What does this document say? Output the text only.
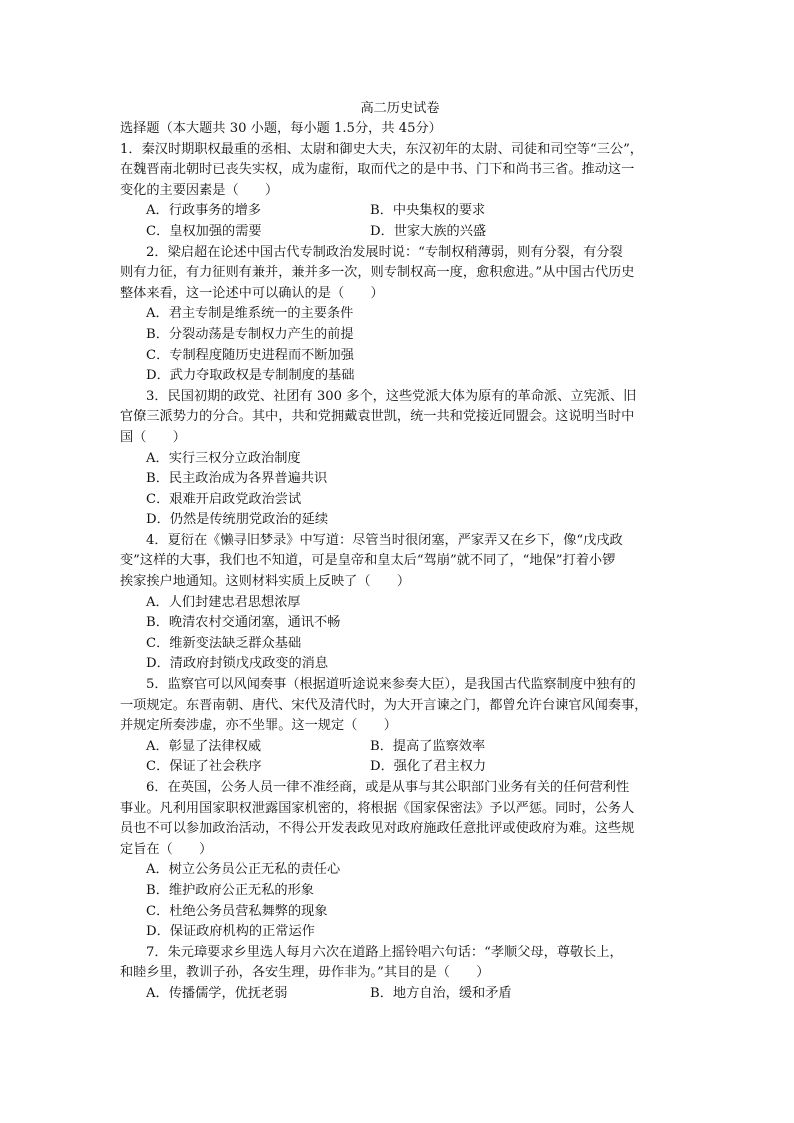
高二历史试卷
选择题（本大题共 30 小题，每小题 1.5分，共 45分）
1．秦汉时期职权最重的丞相、太尉和御史大夫，东汉初年的太尉、司徒和司空等“三公”，
在魏晋南北朝时已丧失实权，成为虚衔，取而代之的是中书、门下和尚书三省。推动这一
变化的主要因素是（　　）
A．行政事务的增多	B．中央集权的要求
C．皇权加强的需要	D．世家大族的兴盛
2．梁启超在论述中国古代专制政治发展时说：“专制权稍薄弱，则有分裂，有分裂
则有力征，有力征则有兼并，兼并多一次，则专制权高一度，愈积愈进。”从中国古代历史
整体来看，这一论述中可以确认的是（　　）
A．君主专制是维系统一的主要条件
B．分裂动荡是专制权力产生的前提
C．专制程度随历史进程而不断加强
D．武力夺取政权是专制制度的基础
3．民国初期的政党、社团有 300 多个，这些党派大体为原有的革命派、立宪派、旧
官僚三派势力的分合。其中，共和党拥戴袁世凯，统一共和党接近同盟会。这说明当时中
国（　　）
A．实行三权分立政治制度
B．民主政治成为各界普遍共识
C．艰难开启政党政治尝试
D．仍然是传统朋党政治的延续
4．夏衍在《懒寻旧梦录》中写道：尽管当时很闭塞，严家弄又在乡下，像“戊戌政
变”这样的大事，我们也不知道，可是皇帝和皇太后“驾崩”就不同了，“地保”打着小锣
挨家挨户地通知。这则材料实质上反映了（　　）
A．人们封建忠君思想浓厚
B．晚清农村交通闭塞，通讯不畅
C．维新变法缺乏群众基础
D．清政府封锁戊戌政变的消息
5．监察官可以风闻奏事（根据道听途说来参奏大臣），是我国古代监察制度中独有的
一项规定。东晋南朝、唐代、宋代及清代时，为大开言谏之门，都曾允许台谏官风闻奏事，
并规定所奏涉虚，亦不坐罪。这一规定（　　）
A．彰显了法律权威	B．提高了监察效率
C．保证了社会秩序	D．强化了君主权力
6．在英国，公务人员一律不准经商，或是从事与其公职部门业务有关的任何营利性
事业。凡利用国家职权泄露国家机密的，将根据《国家保密法》予以严惩。同时，公务人
员也不可以参加政治活动，不得公开发表政见对政府施政任意批评或使政府为难。这些规
定旨在（　　）
A．树立公务员公正无私的责任心
B．维护政府公正无私的形象
C．杜绝公务员营私舞弊的现象
D．保证政府机构的正常运作
7．朱元璋要求乡里选人每月六次在道路上摇铃唱六句话：“孝顺父母，尊敬长上，
和睦乡里，教训子孙，各安生理，毋作非为。”其目的是（　　）
A．传播儒学，优抚老弱	B．地方自治，缓和矛盾
